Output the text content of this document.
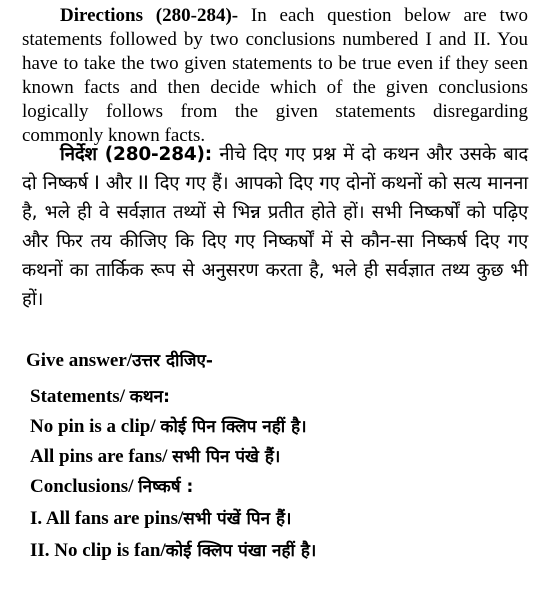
Directions (280-284)- In each question below are two statements followed by two conclusions numbered I and II. You have to take the two given statements to be true even if they seen known facts and then decide which of the given conclusions logically follows from the given statements disregarding commonly known facts.

निर्देश (280-284): नीचे दिए गए प्रश्न में दो कथन और उसके बाद दो निष्कर्ष I और II दिए गए हैं। आपको दिए गए दोनों कथनों को सत्य मानना है, भले ही वे सर्वज्ञात तथ्यों से भिन्न प्रतीत होते हों। सभी निष्कर्षों को पढ़िए और फिर तय कीजिए कि दिए गए निष्कर्षों में से कौन-सा निष्कर्ष दिए गए कथनों का तार्किक रूप से अनुसरण करता है, भले ही सर्वज्ञात तथ्य कुछ भी हों।

Give answer/उत्तर दीजिए-

Statements/ कथन:

No pin is a clip/ कोई पिन क्लिप नहीं है।

All pins are fans/ सभी पिन पंखे हैं।

Conclusions/ निष्कर्ष :

I. All fans are pins/सभी पंखें पिन हैं।

II. No clip is fan/कोई क्लिप पंखा नहीं है।
